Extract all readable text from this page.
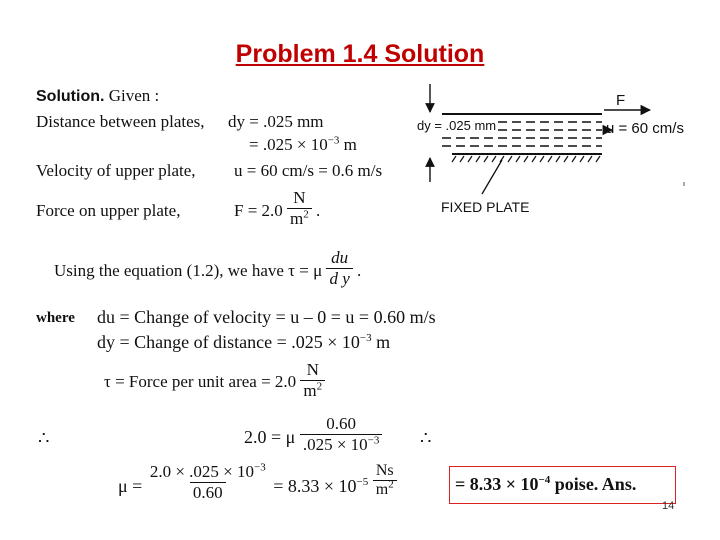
Problem 1.4 Solution
Solution. Given :
Distance between plates, dy = .025 mm
= $.025 \times 10^{-3}$ m
Velocity of upper plate, u = 60 cm/s = 0.6 m/s
Force on upper plate,	$F = 2.0 \frac{N}{m^2}$ .
dy = .025 mm
F
u = 60 cm/s
FIXED PLATE
Using the equation (1.2), we have τ = μ $\frac{du}{\text{d y}}$ .
where du = Change of velocity = u – 0 = u = 0.60 m/s
dy = Change of distance = $.025 \times 10^{-3}$ m
τ = Force per unit area = $2.0 \frac{N}{m^2}$
∴	2.0 = μ $\frac{0.60}{.025 \times 10^{-3}}$ ∴
$\mu = \frac{2.0 \times .025 \times 10^{-3}}{0.60} = 8.33 \times 10^{-5} \frac{Ns}{m^2}$	= $8.33 \times 10^{-4}$ poise. Ans.
14
